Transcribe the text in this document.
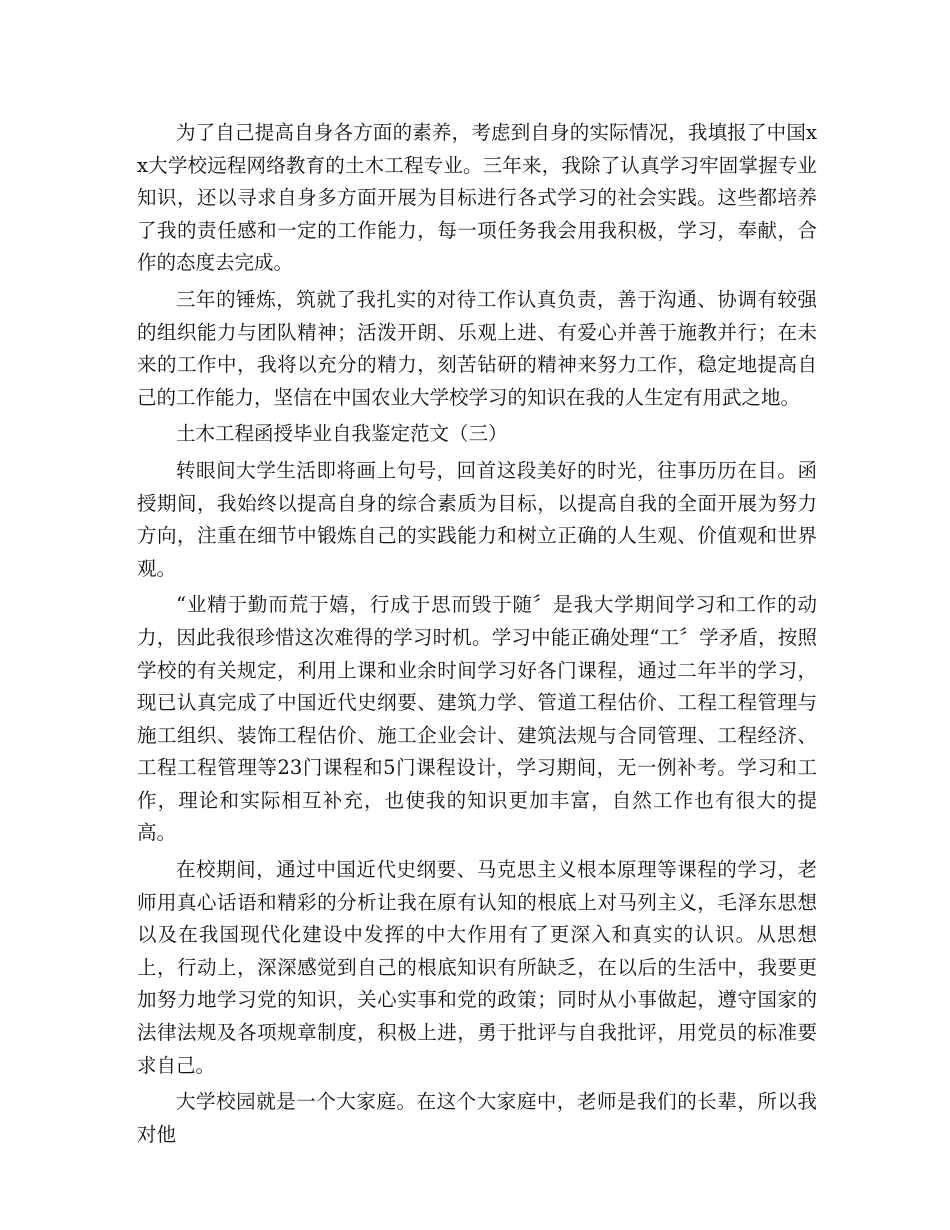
为了自己提高自身各方面的素养，考虑到自身的实际情况，我填报了中国xx大学校远程网络教育的土木工程专业。三年来，我除了认真学习牢固掌握专业知识，还以寻求自身多方面开展为目标进行各式学习的社会实践。这些都培养了我的责任感和一定的工作能力，每一项任务我会用我积极，学习，奉献，合作的态度去完成。

三年的锤炼，筑就了我扎实的对待工作认真负责，善于沟通、协调有较强的组织能力与团队精神；活泼开朗、乐观上进、有爱心并善于施教并行；在未来的工作中，我将以充分的精力，刻苦钻研的精神来努力工作，稳定地提高自己的工作能力，坚信在中国农业大学校学习的知识在我的人生定有用武之地。

土木工程函授毕业自我鉴定范文（三）

转眼间大学生活即将画上句号，回首这段美好的时光，往事历历在目。函授期间，我始终以提高自身的综合素质为目标，以提高自我的全面开展为努力方向，注重在细节中锻炼自己的实践能力和树立正确的人生观、价值观和世界观。

“业精于勤而荒于嬉，行成于思而毁于随〞是我大学期间学习和工作的动力，因此我很珍惜这次难得的学习时机。学习中能正确处理“工〞学矛盾，按照学校的有关规定，利用上课和业余时间学习好各门课程，通过二年半的学习，现已认真完成了中国近代史纲要、建筑力学、管道工程估价、工程工程管理与施工组织、装饰工程估价、施工企业会计、建筑法规与合同管理、工程经济、工程工程管理等23门课程和5门课程设计，学习期间，无一例补考。学习和工作，理论和实际相互补充，也使我的知识更加丰富，自然工作也有很大的提高。

在校期间，通过中国近代史纲要、马克思主义根本原理等课程的学习，老师用真心话语和精彩的分析让我在原有认知的根底上对马列主义，毛泽东思想以及在我国现代化建设中发挥的中大作用有了更深入和真实的认识。从思想上，行动上，深深感觉到自己的根底知识有所缺乏，在以后的生活中，我要更加努力地学习党的知识，关心实事和党的政策；同时从小事做起，遵守国家的法律法规及各项规章制度，积极上进，勇于批评与自我批评，用党员的标准要求自己。

大学校园就是一个大家庭。在这个大家庭中，老师是我们的长辈，所以我对他
